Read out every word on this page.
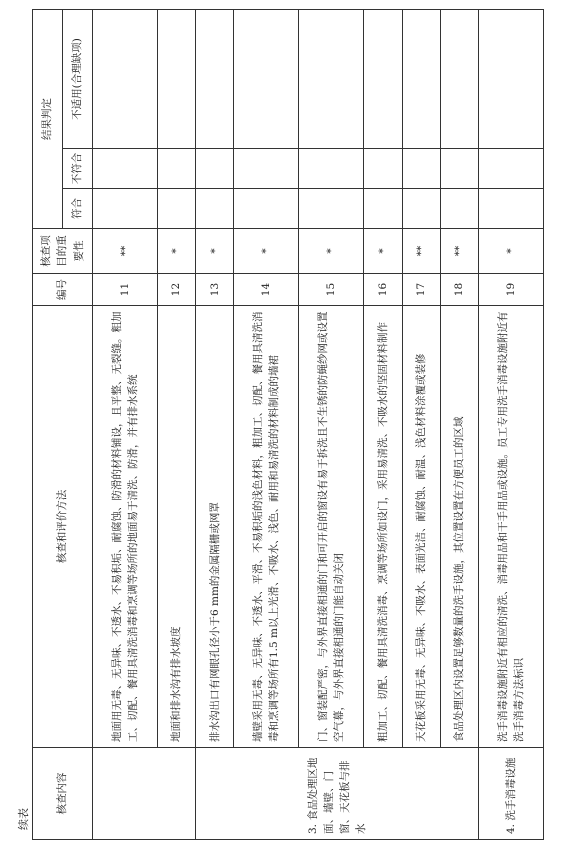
续表
核查内容	核查和评价方法	编号	核查项目的重要性	结果判定		
				符合	不符合	不适用(合理缺项)
	地面用无毒、无异味、不透水、不易积垢、耐腐蚀、防滑的材料铺设，且平整、无裂缝。粗加工、切配、餐用具清洗消毒和烹调等场所的地面易于清洗、防滑，并有排水系统	11	**			
	地面和排水沟有排水坡度	12	*			
3. 食品处理区地面、墙壁、门窗、天花板与排水	排水沟出口有网眼孔径小于6 mm的金属隔栅或网罩	13	*			
	墙壁采用无毒、无异味、不透水、平滑、不易积垢的浅色材料，粗加工、切配、餐用具清洗消毒和烹调等场所有1.5 m以上光滑、不吸水、浅色、耐用和易清洗的材料制成的墙裙	14	*			
	门、窗装配严密，与外界直接相通的门和可开启的窗设有易于拆洗且不生锈的防蝇纱网或设置空气幕，与外界直接相通的门能自动关闭	15	*			
	粗加工、切配、餐用具清洗消毒、烹调等场所如设门，采用易清洗、不吸水的坚固材料制作	16	*			
	天花板采用无毒、无异味、不吸水、表面光洁、耐腐蚀、耐温、浅色材料涂覆或装修	17	**			
	食品处理区内设置足够数量的洗手设施，其位置设置在方便员工的区域	18	**			
4. 洗手消毒设施	洗手消毒设施附近有相应的清洗、消毒用品和干手用品或设施。员工专用洗手消毒设施附近有洗手消毒方法标识	19	*			
